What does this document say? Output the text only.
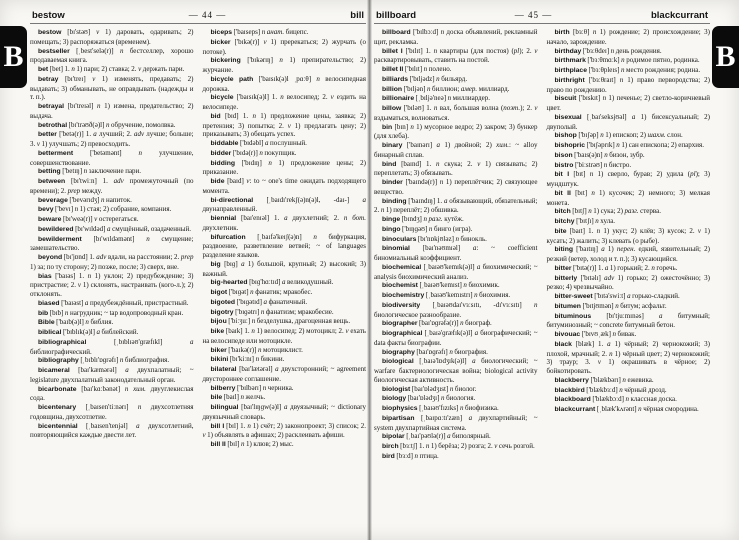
B	B
bestow	— 44 —	bill

bestow [bɪ'stəʊ] v 1) даровать, одаривать; 2) помещать; 3) распоряжаться (временем).

bestseller [ˌbest'selə(r)] n бестселлер, хорошо продаваемая книга.

bet [bet] 1. n 1) пари; 2) ставка; 2. v держать пари.

betray [bɪ'treɪ] v 1) изменять, предавать; 2) выдавать; 3) обманывать, не оправдывать (надежды и т. п.).

betrayal [bɪ'treɪəl] n 1) измена, предательство; 2) выдача.

betrothal [bɪ'trəʊð(ə)l] n обручение, помолвка.

better ['betə(r)] 1. a лучший; 2. adv лучше; больше; 3. v 1) улучшать; 2) превосходить.

betterment ['betəmənt] n улучшение, совершенствование.

betting ['betɪŋ] n заключение пари.

between [bɪ'twiːn] 1. adv промежуточный (по времени); 2. prep между.

beverage ['bevərɪdʒ] n напиток.

bevy ['bevɪ] n 1) стая; 2) собрание, компания.

beware [bɪ'weə(r)] v остерегаться.

bewildered [bɪ'wɪldəd] a смущённый, озадаченный.

bewilderment [bɪ'wɪldəmənt] n смущение; замешательство.

beyond [bɪ'jɒnd] 1. adv вдали, на расстоянии; 2. prep 1) за; по ту сторону; 2) позже, после; 3) сверх, вне.

bias ['baɪəs] 1. n 1) уклон; 2) предубеждение; 3) пристрастие; 2. v 1) склонять, настраивать (кого-л.); 2) отклонять.

biased ['baɪəst] a предубеждённый, пристрастный.

bib [bɪb] n нагрудник; ~ tap водопроводный кран.

Bible ['baɪb(ə)l] n библия.

biblical ['bɪblɪk(ə)l] a библейский.

bibliographical [ˌbɪblɪəʊ'ɡræfɪkl] a библиографический.

bibliography [ˌbɪblɪ'ɒɡrəfɪ] n библиография.

bicameral [baɪ'kæmərəl] a двухпалатный; ~ legislature двухпалатный законодательный орган.

bicarbonate [baɪ'kɑːbənət] n хим. двууглекислая сода.

bicentenary [ˌbaɪsen'tiːnərɪ] n двухсотлетняя годовщина, двухсотлетие.

bicentennial [ˌbaɪsen'tenjəl] a двухсотлетний, повторяющийся каждые двести лет.

biceps ['baɪseps] n анат. бицепс.

bicker ['bɪkə(r)] v 1) пререкаться; 2) журчать (о потоке).

bickering ['bɪkərɪŋ] n 1) препирательство; 2) журчание.

bicycle path ['baɪsɪk(ə)l ˌpɑːθ] n велосипедная дорожка.

bicycle ['baɪsɪk(ə)l] 1. n велосипед; 2. v ездить на велосипеде.

bid [bɪd] 1. n 1) предложение цены, заявка; 2) претензия; 3) попытка; 2. v 1) предлагать цену; 2) приказывать; 3) обещать успех.

biddable ['bɪdəbl] a послушный.

bidder ['bɪdə(r)] n покупщик.

bidding ['bɪdɪŋ] n 1) предложение цены; 2) приказание.

bide [baɪd] v: to ~ one's time ожидать подходящего момента.

bi-directional [ˌbaɪdɪ'rekʃ(ə)n(ə)l, -daɪ-] a двунаправленный.

biennial [baɪ'enɪəl] 1. a двухлетний; 2. n бот. двухлетник.

bifurcation [ˌbaɪfə'keɪʃ(ə)n] n бифуркация, раздвоение, разветвление ветвей; ~ of languages разделение языков.

big [bɪɡ] a 1) большой, крупный; 2) высокий; 3) важный.

big-hearted [bɪɡ'hɑːtɪd] a великодушный.

bigot ['bɪɡət] n фанатик; мракобес.

bigoted ['bɪɡətɪd] a фанатичный.

bigotry ['bɪɡətrɪ] n фанатизм; мракобесие.

bijou ['biːʒuː] n безделушка, драгоценная вещь.

bike [baɪk] 1. n 1) велосипед; 2) мотоцикл; 2. v ехать на велосипеде или мотоцикле.

biker ['baɪkə(r)] n мотоциклист.

bikini [bɪ'kiːnɪ] n бикини.

bilateral [baɪ'lætərəl] a двухсторонний; ~ agreement двустороннее соглашение.

bilberry ['bɪlbərɪ] n черника.

bile [baɪl] n желчь.

bilingual [baɪ'lɪŋɡw(ə)l] a двуязычный; ~ dictionary двуязычный словарь.

bill I [bɪl] 1. n 1) счёт; 2) законопроект; 3) список; 2. v 1) объявлять в афишах; 2) расклеивать афиши.

bill II [bɪl] n 1) клюв; 2) мыс.

billboard	— 45 —	blackcurrant

billboard ['bɪlbɔːd] n доска объявлений, рекламный щит, рекламка.

billet I ['bɪlɪt] 1. n квартиры (для постоя) (pl); 2. v расквартировывать, ставить на постой.

billet II ['bɪlɪt] n полено.

billiards ['bɪljədz] n бильярд.

billion ['bɪljən] n биллион; амер. миллиард.

billionaire [ˌbɪljə'neə] n миллиардер.

billow ['bɪləʊ] 1. n вал, большая волна (поэт.); 2. v вздыматься, волноваться.

bin [bɪn] n 1) мусорное ведро; 2) закром; 3) бункер (для хлеба).

binary ['baɪnərɪ] a 1) двойной; 2) хим.: ~ alloy бинарный сплав.

bind [baɪnd] 1. n скука; 2. v 1) связывать; 2) переплетать; 3) обязывать.

binder ['baɪndə(r)] n 1) переплётчик; 2) связующее вещество.

binding ['baɪndɪŋ] 1. a обязывающий, обязательный; 2. n 1) переплёт; 2) обшивка.

binge [bɪndʒ] n разг. кутёж.

bingo ['bɪŋɡəʊ] n бинго (игра).

binoculars [bɪ'nɒkjʊləz] n бинокль.

binomial [baɪ'nəʊmɪəl] a: ~ coefficient биномиальный коэффициент.

biochemical [ˌbaɪəʊ'kemɪk(ə)l] a биохимический; ~ analysis биохимический анализ.

biochemist [ˌbaɪəʊ'kemɪst] n биохимик.

biochemistry [ˌbaɪəʊ'kemɪstrɪ] n биохимия.

biodiversity [ˌbaɪəʊdaɪ'vɜːsɪtɪ, -dɪ'vɜːsɪtɪ] n биологическое разнообразие.

biographer [baɪ'ɒɡrəfə(r)] n биограф.

biographical [ˌbaɪə'ɡræfɪk(ə)l] a биографический; ~ data факты биографии.

biography [baɪ'ɒɡrəfɪ] n биография.

biological [ˌbaɪə'lɒdʒɪk(ə)l] a биологический; ~ warfare бактериологическая война; biological activity биологическая активность.

biologist [baɪ'ɒlədʒɪst] n биолог.

biology [baɪ'ɒlədʒɪ] n биология.

biophysics [ˌbaɪəʊ'fɪzɪks] n биофизика.

bipartisan [ˌbaɪpɑːtɪ'zæn] a двухпартийный; ~ system двухпартийная система.

bipolar [ˌbaɪ'pəʊlə(r)] a биполярный.

birch [bɜːtʃ] 1. n 1) берёза; 2) розга; 2. v сечь розгой.

bird [bɜːd] n птица.

birth [bɜːθ] n 1) рождение; 2) происхождение; 3) начало, зарождение.

birthday ['bɜːθdeɪ] n день рождения.

birthmark ['bɜːθmɑːk] n родимое пятно, родинка.

birthplace ['bɜːθpleɪs] n место рождения; родина.

birthright ['bɜːθraɪt] n 1) право первородства; 2) право по рождению.

biscuit ['bɪskɪt] n 1) печенье; 2) светло-коричневый цвет.

bisexual [ˌbaɪ'seksjʊəl] a 1) бисексуальный; 2) двуполый.

bishop ['bɪʃəp] n 1) епископ; 2) шахм. слон.

bishopric ['bɪʃəprɪk] n 1) сан епископа; 2) епархия.

bison ['baɪs(ə)n] n бизон, зубр.

bistro ['biːstrəʊ] n бистро.

bit I [bɪt] n 1) сверло, бурав; 2) удила (pl); 3) мундштук.

bit II [bɪt] n 1) кусочек; 2) немного; 3) мелкая монета.

bitch [bɪtʃ] n 1) сука; 2) разг. стерва.

bitchy ['bɪtʃɪ] n хула.

bite [baɪt] 1. n 1) укус; 2) клёв; 3) кусок; 2. v 1) кусать; 2) жалить; 3) клевать (о рыбе).

biting ['baɪtɪŋ] a 1) перен. едкий, язвительный; 2) резкий (ветер, холод и т. п.); 3) кусающийся.

bitter ['bɪtə(r)] 1. a 1) горький; 2. n горечь.

bitterly ['bɪtəlɪ] adv 1) горько; 2) ожесточённо; 3) резко; 4) чрезвычайно.

bitter-sweet ['bɪtə'swiːt] a горько-сладкий.

bitumen ['bɪtjʊmən] n битум; асфальт.

bituminous [bɪ'tjuːmɪnəs] a битумный; битуминозный; ~ concrete битумный бетон.

bivouac ['bɪvʊˌæk] n бивак.

black [blæk] 1. a 1) чёрный; 2) чернокожий; 3) плохой, мрачный; 2. n 1) чёрный цвет; 2) чернокожий; 3) траур; 3. v 1) окрашивать в чёрное; 2) бойкотировать.

blackberry ['blækbərɪ] n ежевика.

blackbird ['blækbɜːd] n чёрный дрозд.

blackboard ['blækbɔːd] n классная доска.

blackcurrant [ˌblæk'kʌrənt] n чёрная смородина.
